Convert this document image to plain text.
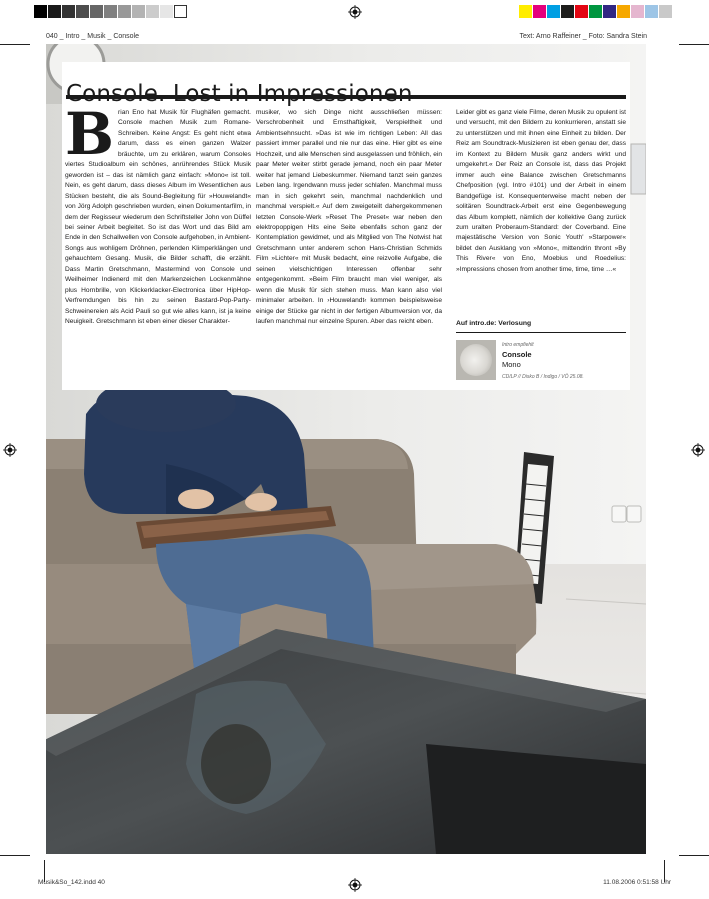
040 _ Intro _ Musik _ Console	Text: Arno Raffeiner _ Foto: Sandra Stein
B rian Eno hat Musik für Flughäfen gemacht. Console machen Musik zum Romane-Schreiben. Keine Angst: Es geht nicht etwa darum, dass es einen ganzen Walzer bräuchte, um zu erklären, warum Consoles viertes Studioalbum ein schönes, anrührendes Stück Musik geworden ist – das ist nämlich ganz einfach: »Mono« ist toll. Nein, es geht darum, dass dieses Album im Wesentlichen aus Stücken besteht, die als Sound-Begleitung für »Houwelandt« von Jörg Adolph geschrieben wurden, einen Dokumentarfilm, in dem der Regisseur wiederum den Schriftsteller John von Düffel bei seiner Arbeit begleitet. So ist das Wort und das Bild am Ende in den Schallwellen von Console aufgehoben, in Ambient-Songs aus wohligem Dröhnen, perlenden Klimperklängen und gehauchtem Gesang. Musik, die Bilder schafft, die erzählt. Dass Martin Gretschmann, Mastermind von Console und Weilheimer Indienerd mit den Markenzeichen Lockenmähne plus Hornbrille, von Klickerklacker-Electronica über HipHop-Verfremdungen bis hin zu seinen Bastard-Pop-Party-Schweinereien als Acid Pauli so gut wie alles kann, ist ja keine Neuigkeit. Gretschmann ist eben einer dieser Charakter-

musiker, wo sich Dinge nicht ausschließen müssen: Verschrobenheit und Ernsthaftigkeit, Verspieltheit und Ambientsehnsucht. »Das ist wie im richtigen Leben: All das passiert immer parallel und nie nur das eine. Hier gibt es eine Hochzeit, und alle Menschen sind ausgelassen und fröhlich, ein paar Meter weiter stirbt gerade jemand, noch ein paar Meter weiter hat jemand Liebeskummer. Niemand tanzt sein ganzes Leben lang. Irgendwann muss jeder schlafen. Manchmal muss man in sich gekehrt sein, manchmal nachdenklich und manchmal verspielt.« Auf dem zweigeteilt dahergekommenen letzten Console-Werk »Reset The Preset« war neben den elektropoppigen Hits eine Seite ebenfalls schon ganz der Kontemplation gewidmet, und als Mitglied von The Notwist hat Gretschmann unter anderem schon Hans-Christian Schmids Film »Lichter« mit Musik bedacht, eine reizvolle Aufgabe, die seinen vielschichtigen Interessen offenbar sehr entgegenkommt. »Beim Film braucht man viel weniger, als wenn die Musik für sich stehen muss. Man kann also viel minimaler arbeiten. In ›Houwelandt‹ kommen beispielsweise einige der Stücke gar nicht in der fertigen Albumversion vor, da laufen manchmal nur einzelne Spuren. Aber das reicht eben.

Leider gibt es ganz viele Filme, deren Musik zu opulent ist und versucht, mit den Bildern zu konkurrieren, anstatt sie zu unterstützen und mit ihnen eine Einheit zu bilden. Der Reiz am Soundtrack-Musizieren ist eben genau der, dass im Kontext zu Bildern Musik ganz anders wirkt und umgekehrt.« Der Reiz an Console ist, dass das Projekt immer auch eine Balance zwischen Gretschmanns Chefposition (vgl. Intro #101) und der Arbeit in einem Bandgefüge ist. Konsequenterweise macht neben der solitären Soundtrack-Arbeit erst eine Gegenbewegung das Album komplett, nämlich der kollektive Gang zurück zum uralten Proberaum-Standard: der Coverband. Eine majestätische Version von Sonic Youth' »Starpower« bildet den Ausklang von »Mono«, mittendrin thront »By This River« von Eno, Moebius und Roedelius: »Impressions chosen from another time, time, time …«

Auf intro.de: Verlosung
Intro empfiehlt
Console
Mono
CD/LP // Disko B / Indigo / VÖ 25.08.
Musik&So_142.indd 40	11.08.2006 0:51:58 Uhr
